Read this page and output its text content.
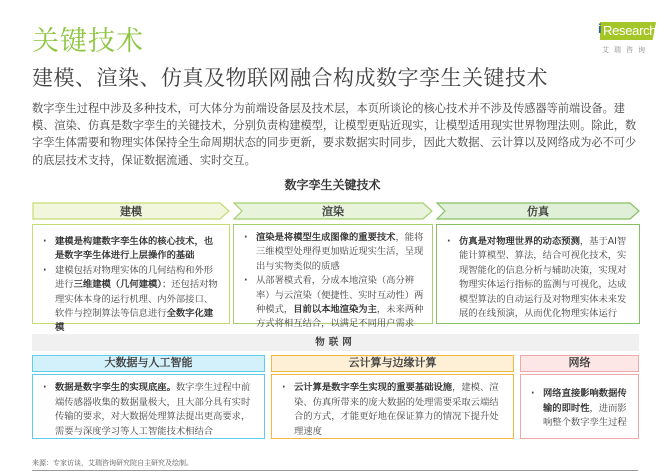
关键技术
建模、渲染、仿真及物联网融合构成数字孪生关键技术
i Research
艾瑞咨询

数字孪生过程中涉及多种技术，可大体分为前端设备层及技术层，本页所谈论的核心技术并不涉及传感器等前端设备。建模、渲染、仿真是数字孪生的关键技术，分别负责构建模型，让模型更贴近现实，让模型适用现实世界物理法则。除此，数字孪生体需要和物理实体保持全生命周期状态的同步更新，要求数据实时同步，因此大数据、云计算以及网络成为必不可少的底层技术支持，保证数据流通、实时交互。

数字孪生关键技术
建模	渲染	仿真
· 建模是构建数字孪生体的核心技术，也是数字孪生体进行上层操作的基础
· 建模包括对物理实体的几何结构和外形进行三维建模（几何建模）；还包括对物理实体本身的运行机理、内外部接口、软件与控制算法等信息进行全数字化建模
· 渲染是将模型生成图像的重要技术，能将三维模型处理得更加贴近现实生活，呈现出与实物类似的质感
· 从部署模式看，分成本地渲染（高分辨率）与云渲染（便捷性、实时互动性）两种模式，目前以本地渲染为主，未来两种方式将相互结合，以满足不同用户需求
· 仿真是对物理世界的动态预测，基于AI智能计算模型、算法，结合可视化技术，实现智能化的信息分析与辅助决策，实现对物理实体运行指标的监测与可视化，达成模型算法的自动运行及对物理实体未来发展的在线预演，从而优化物理实体运行
物联网
大数据与人工智能	云计算与边缘计算	网络
· 数据是数字孪生的实现底座。数字孪生过程中前端传感器收集的数据量极大，且大部分具有实时传输的要求，对大数据处理算法提出更高要求，需要与深度学习等人工智能技术相结合
· 云计算是数字孪生实现的重要基础设施，建模、渲染、仿真所带来的庞大数据的处理需要采取云端结合的方式，才能更好地在保证算力的情况下提升处理速度
· 网络直接影响数据传输的即时性，进而影响整个数字孪生过程
来源：专家访谈，艾瑞咨询研究院自主研究及绘制。
